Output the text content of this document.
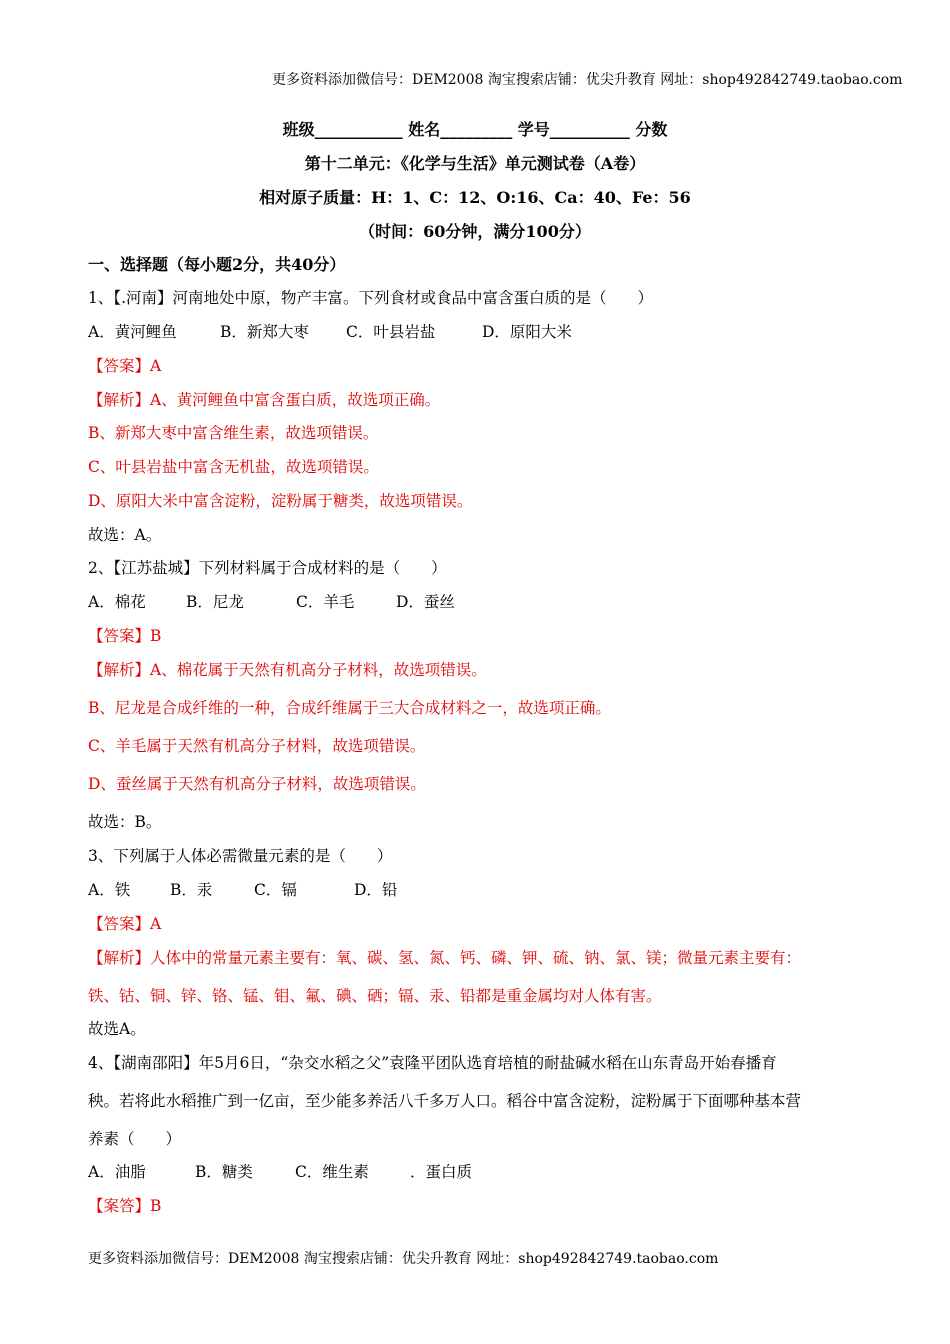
更多资料添加微信号：DEM2008 淘宝搜索店铺：优尖升教育 网址：shop492842749.taobao.com
班级___________ 姓名_________ 学号__________ 分数
第十二单元：《化学与生活》单元测试卷（A卷）
相对原子质量：H：1、C：12、O:16、Ca：40、Fe：56
（时间：60分钟，满分100分）
一、选择题（每小题2分，共40分）
1、【.河南】河南地处中原，物产丰富。下列食材或食品中富含蛋白质的是（　　）
A．黄河鲤鱼	B．新郑大枣 C．叶县岩盐	D．原阳大米
【答案】A
【解析】A、黄河鲤鱼中富含蛋白质，故选项正确。
B、新郑大枣中富含维生素，故选项错误。
C、叶县岩盐中富含无机盐，故选项错误。
D、原阳大米中富含淀粉，淀粉属于糖类，故选项错误。
故选：A。
2、【江苏盐城】下列材料属于合成材料的是（　　）
A．棉花	B．尼龙	C．羊毛	D．蚕丝
【答案】B
【解析】A、棉花属于天然有机高分子材料，故选项错误。
B、尼龙是合成纤维的一种，合成纤维属于三大合成材料之一，故选项正确。
C、羊毛属于天然有机高分子材料，故选项错误。
D、蚕丝属于天然有机高分子材料，故选项错误。
故选：B。
3、下列属于人体必需微量元素的是（　　）
A．铁	B．汞	C．镉	D．铅
【答案】A
【解析】人体中的常量元素主要有：氧、碳、氢、氮、钙、磷、钾、硫、钠、氯、镁；微量元素主要有：
铁、钴、铜、锌、铬、锰、钼、氟、碘、硒；镉、汞、铅都是重金属均对人体有害。
故选A。
4、【湖南邵阳】年5月6日，“杂交水稻之父”袁隆平团队选育培植的耐盐碱水稻在山东青岛开始春播育
秧。若将此水稻推广到一亿亩，至少能多养活八千多万人口。稻谷中富含淀粉，淀粉属于下面哪种基本营
养素（　　）
A．油脂	B．糖类	C．维生素	．蛋白质
【案答】B
更多资料添加微信号：DEM2008 淘宝搜索店铺：优尖升教育 网址：shop492842749.taobao.com
